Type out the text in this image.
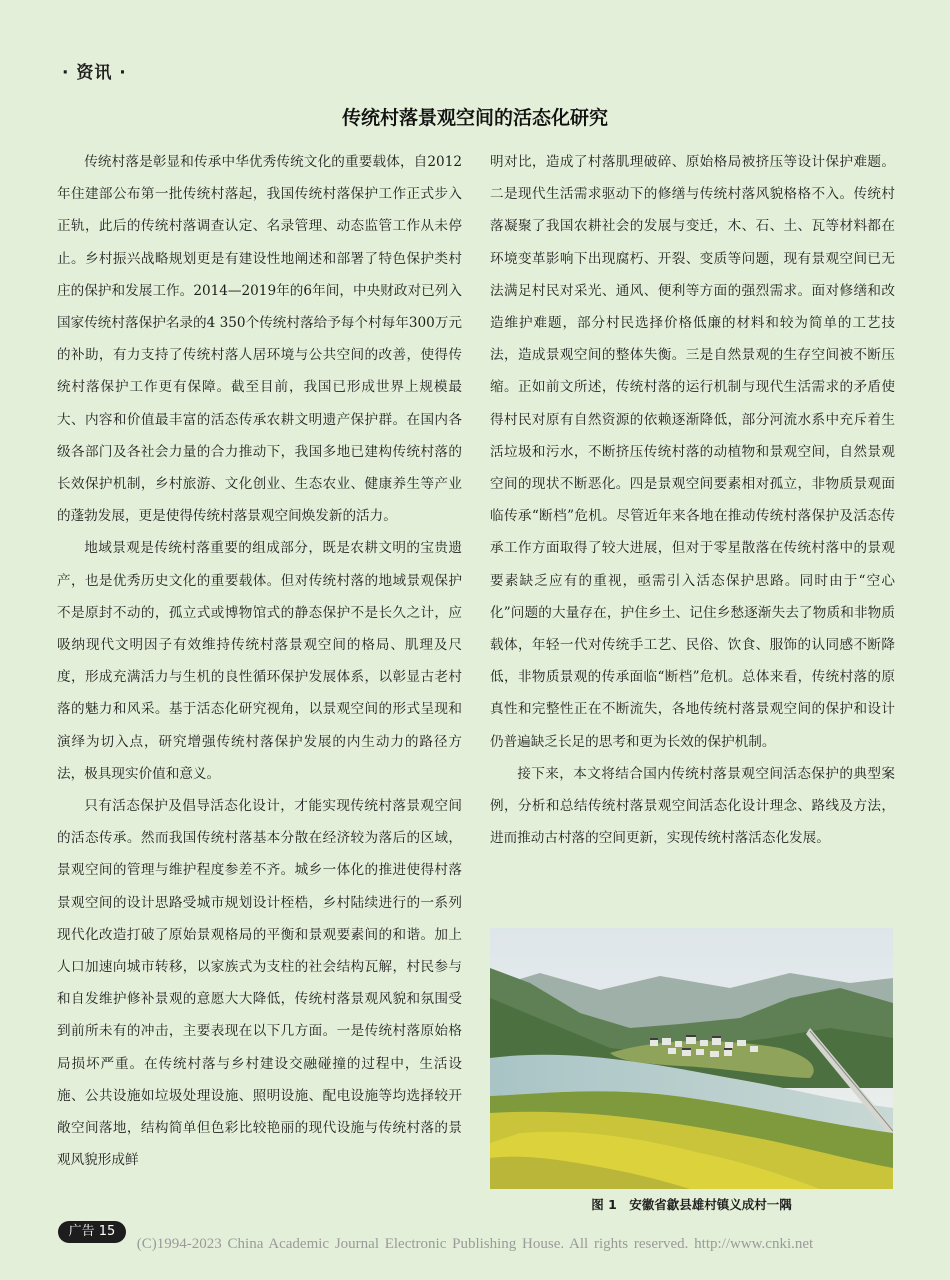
· 资讯 ·
传统村落景观空间的活态化研究

传统村落是彰显和传承中华优秀传统文化的重要载体，自2012年住建部公布第一批传统村落起，我国传统村落保护工作正式步入正轨，此后的传统村落调查认定、名录管理、动态监管工作从未停止。乡村振兴战略规划更是有建设性地阐述和部署了特色保护类村庄的保护和发展工作。2014—2019年的6年间，中央财政对已列入国家传统村落保护名录的4 350个传统村落给予每个村每年300万元的补助，有力支持了传统村落人居环境与公共空间的改善，使得传统村落保护工作更有保障。截至目前，我国已形成世界上规模最大、内容和价值最丰富的活态传承农耕文明遗产保护群。在国内各级各部门及各社会力量的合力推动下，我国多地已建构传统村落的长效保护机制，乡村旅游、文化创业、生态农业、健康养生等产业的蓬勃发展，更是使得传统村落景观空间焕发新的活力。

地域景观是传统村落重要的组成部分，既是农耕文明的宝贵遗产，也是优秀历史文化的重要载体。但对传统村落的地域景观保护不是原封不动的，孤立式或博物馆式的静态保护不是长久之计，应吸纳现代文明因子有效维持传统村落景观空间的格局、肌理及尺度，形成充满活力与生机的良性循环保护发展体系，以彰显古老村落的魅力和风采。基于活态化研究视角，以景观空间的形式呈现和演绎为切入点，研究增强传统村落保护发展的内生动力的路径方法，极具现实价值和意义。

只有活态保护及倡导活态化设计，才能实现传统村落景观空间的活态传承。然而我国传统村落基本分散在经济较为落后的区域，景观空间的管理与维护程度参差不齐。城乡一体化的推进使得村落景观空间的设计思路受城市规划设计桎梏，乡村陆续进行的一系列现代化改造打破了原始景观格局的平衡和景观要素间的和谐。加上人口加速向城市转移，以家族式为支柱的社会结构瓦解，村民参与和自发维护修补景观的意愿大大降低，传统村落景观风貌和氛围受到前所未有的冲击，主要表现在以下几方面。一是传统村落原始格局损坏严重。在传统村落与乡村建设交融碰撞的过程中，生活设施、公共设施如垃圾处理设施、照明设施、配电设施等均选择较开敞空间落地，结构简单但色彩比较艳丽的现代设施与传统村落的景观风貌形成鲜

明对比，造成了村落肌理破碎、原始格局被挤压等设计保护难题。二是现代生活需求驱动下的修缮与传统村落风貌格格不入。传统村落凝聚了我国农耕社会的发展与变迁，木、石、土、瓦等材料都在环境变革影响下出现腐朽、开裂、变质等问题，现有景观空间已无法满足村民对采光、通风、便利等方面的强烈需求。面对修缮和改造维护难题，部分村民选择价格低廉的材料和较为简单的工艺技法，造成景观空间的整体失衡。三是自然景观的生存空间被不断压缩。正如前文所述，传统村落的运行机制与现代生活需求的矛盾使得村民对原有自然资源的依赖逐渐降低，部分河流水系中充斥着生活垃圾和污水，不断挤压传统村落的动植物和景观空间，自然景观空间的现状不断恶化。四是景观空间要素相对孤立，非物质景观面临传承“断档”危机。尽管近年来各地在推动传统村落保护及活态传承工作方面取得了较大进展，但对于零星散落在传统村落中的景观要素缺乏应有的重视，亟需引入活态保护思路。同时由于“空心化”问题的大量存在，护住乡土、记住乡愁逐渐失去了物质和非物质载体，年轻一代对传统手工艺、民俗、饮食、服饰的认同感不断降低，非物质景观的传承面临“断档”危机。总体来看，传统村落的原真性和完整性正在不断流失，各地传统村落景观空间的保护和设计仍普遍缺乏长足的思考和更为长效的保护机制。

接下来，本文将结合国内传统村落景观空间活态保护的典型案例，分析和总结传统村落景观空间活态化设计理念、路线及方法，进而推动古村落的空间更新，实现传统村落活态化发展。

图 1　安徽省歙县雄村镇义成村一隅
广告 15
(C)1994-2023 China Academic Journal Electronic Publishing House. All rights reserved. http://www.cnki.net
